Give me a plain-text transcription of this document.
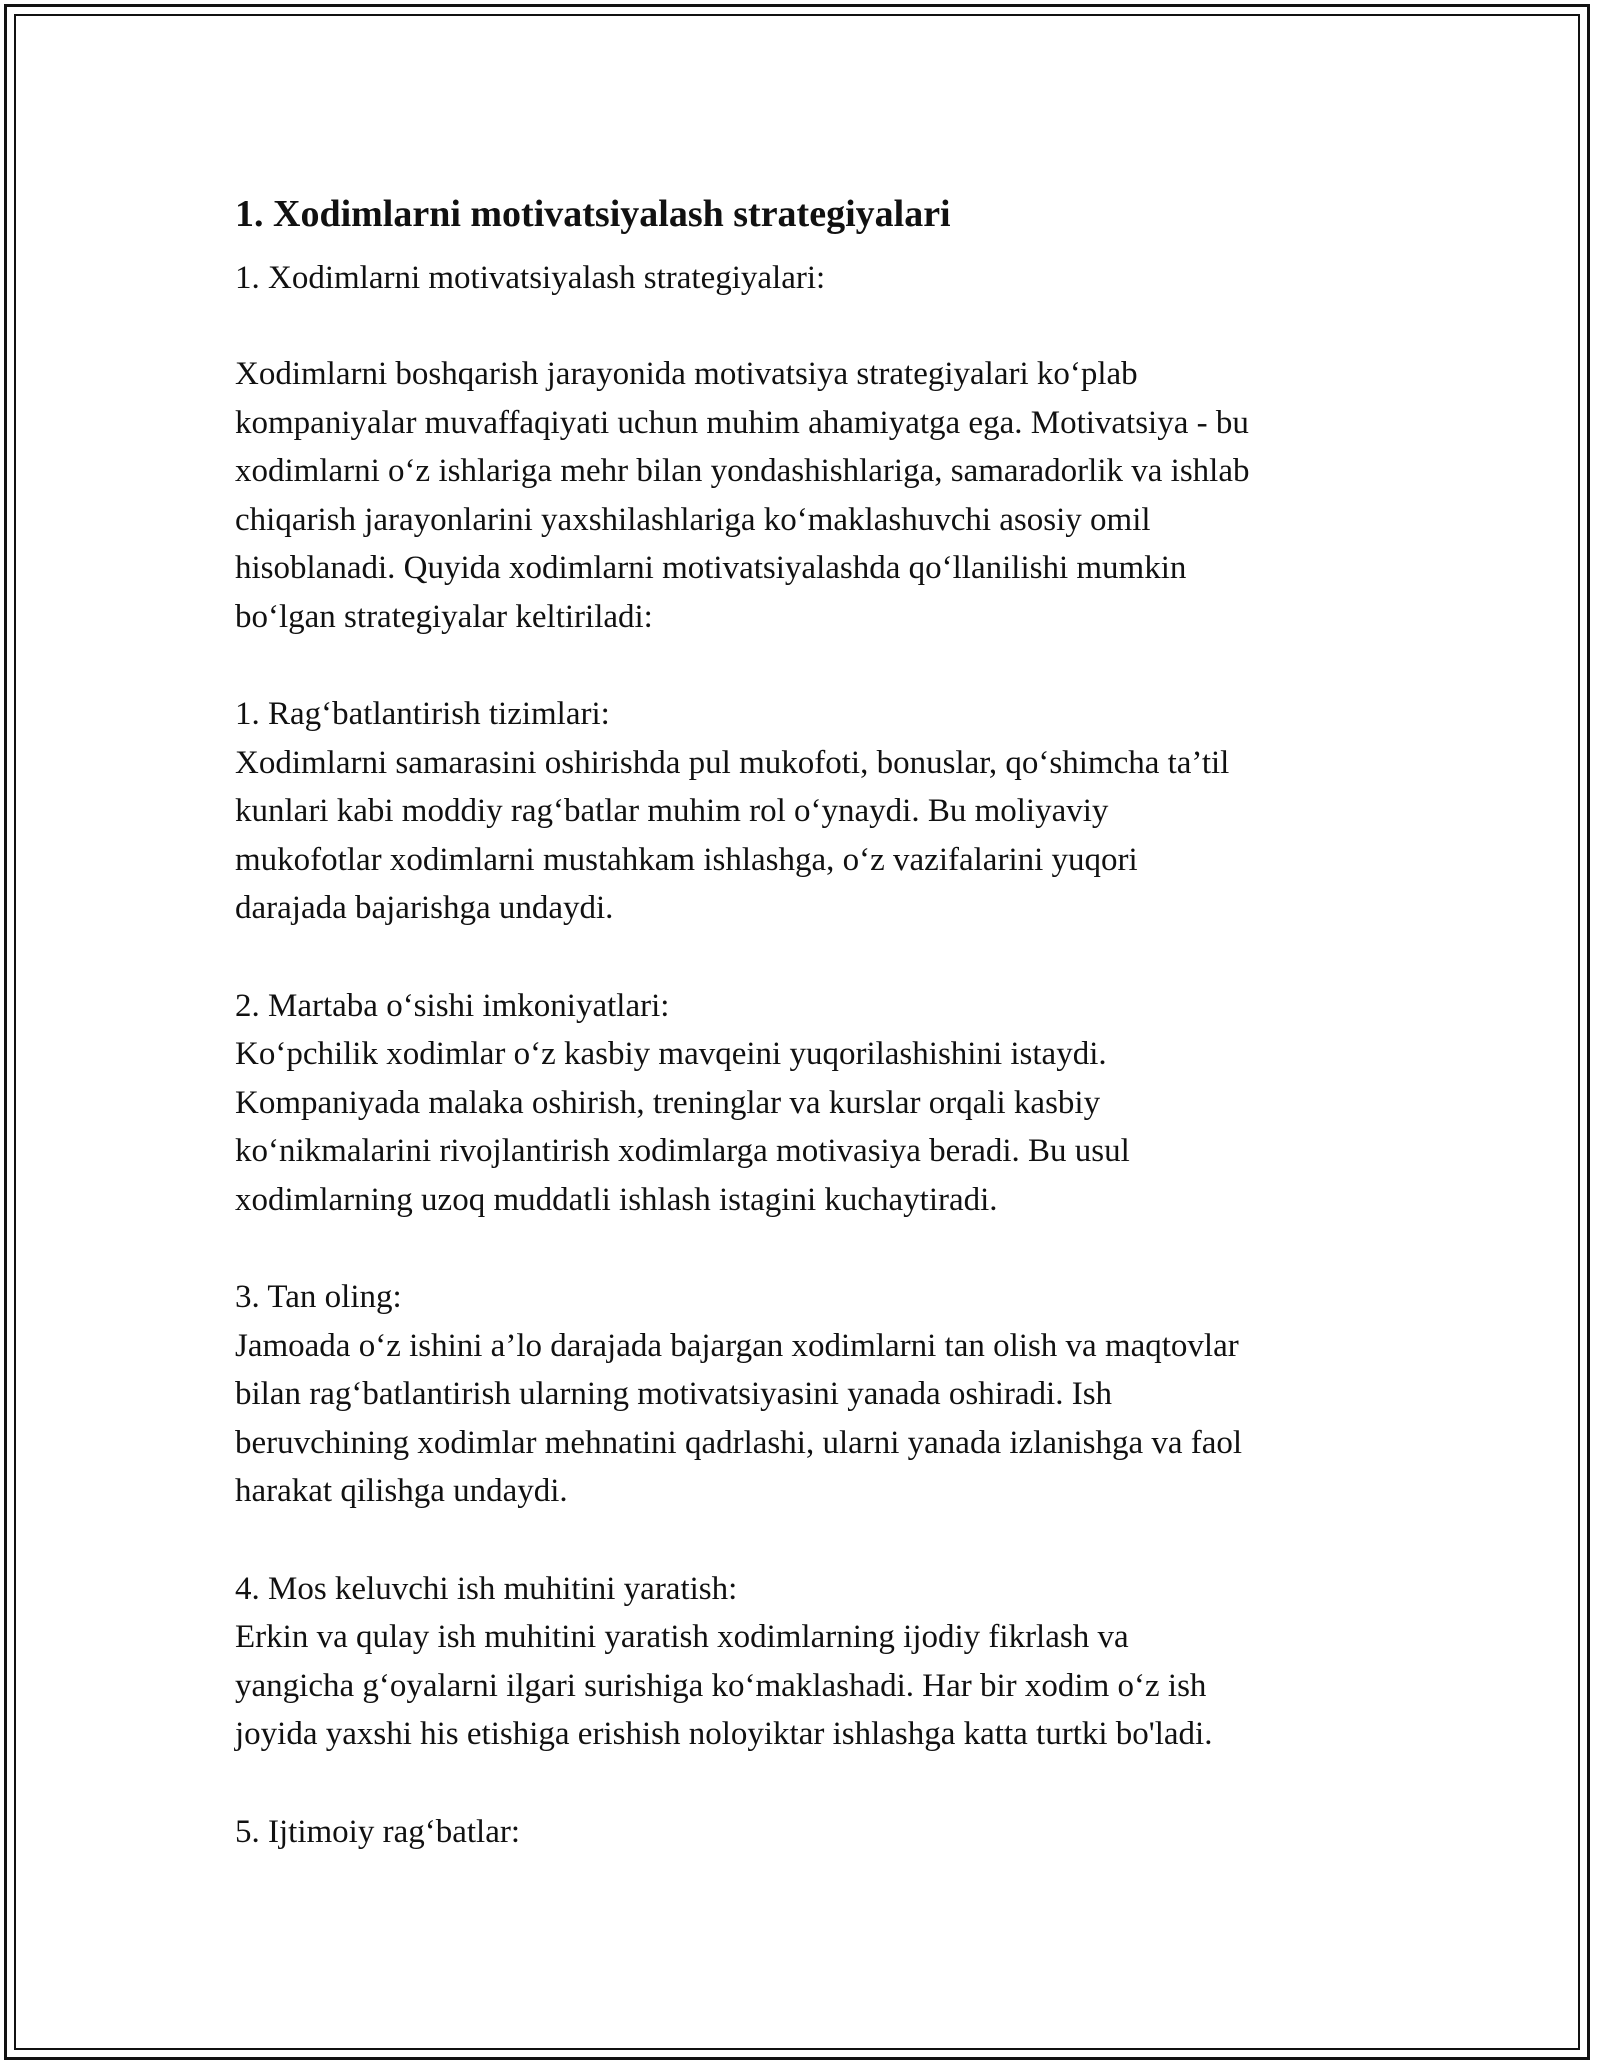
1. Xodimlarni motivatsiyalash strategiyalari
1. Xodimlarni motivatsiyalash strategiyalari:
Xodimlarni boshqarish jarayonida motivatsiya strategiyalari ko‘plab
kompaniyalar muvaffaqiyati uchun muhim ahamiyatga ega. Motivatsiya - bu
xodimlarni o‘z ishlariga mehr bilan yondashishlariga, samaradorlik va ishlab
chiqarish jarayonlarini yaxshilashlariga ko‘maklashuvchi asosiy omil
hisoblanadi. Quyida xodimlarni motivatsiyalashda qo‘llanilishi mumkin
bo‘lgan strategiyalar keltiriladi:
1. Rag‘batlantirish tizimlari:
Xodimlarni samarasini oshirishda pul mukofoti, bonuslar, qo‘shimcha ta’til
kunlari kabi moddiy rag‘batlar muhim rol o‘ynaydi. Bu moliyaviy
mukofotlar xodimlarni mustahkam ishlashga, o‘z vazifalarini yuqori
darajada bajarishga undaydi.
2. Martaba o‘sishi imkoniyatlari:
Ko‘pchilik xodimlar o‘z kasbiy mavqeini yuqorilashishini istaydi.
Kompaniyada malaka oshirish, treninglar va kurslar orqali kasbiy
ko‘nikmalarini rivojlantirish xodimlarga motivasiya beradi. Bu usul
xodimlarning uzoq muddatli ishlash istagini kuchaytiradi.
3. Tan oling:
Jamoada o‘z ishini a’lo darajada bajargan xodimlarni tan olish va maqtovlar
bilan rag‘batlantirish ularning motivatsiyasini yanada oshiradi. Ish
beruvchining xodimlar mehnatini qadrlashi, ularni yanada izlanishga va faol
harakat qilishga undaydi.
4. Mos keluvchi ish muhitini yaratish:
Erkin va qulay ish muhitini yaratish xodimlarning ijodiy fikrlash va
yangicha g‘oyalarni ilgari surishiga ko‘maklashadi. Har bir xodim o‘z ish
joyida yaxshi his etishiga erishish noloyiktar ishlashga katta turtki bo'ladi.
5. Ijtimoiy rag‘batlar:
